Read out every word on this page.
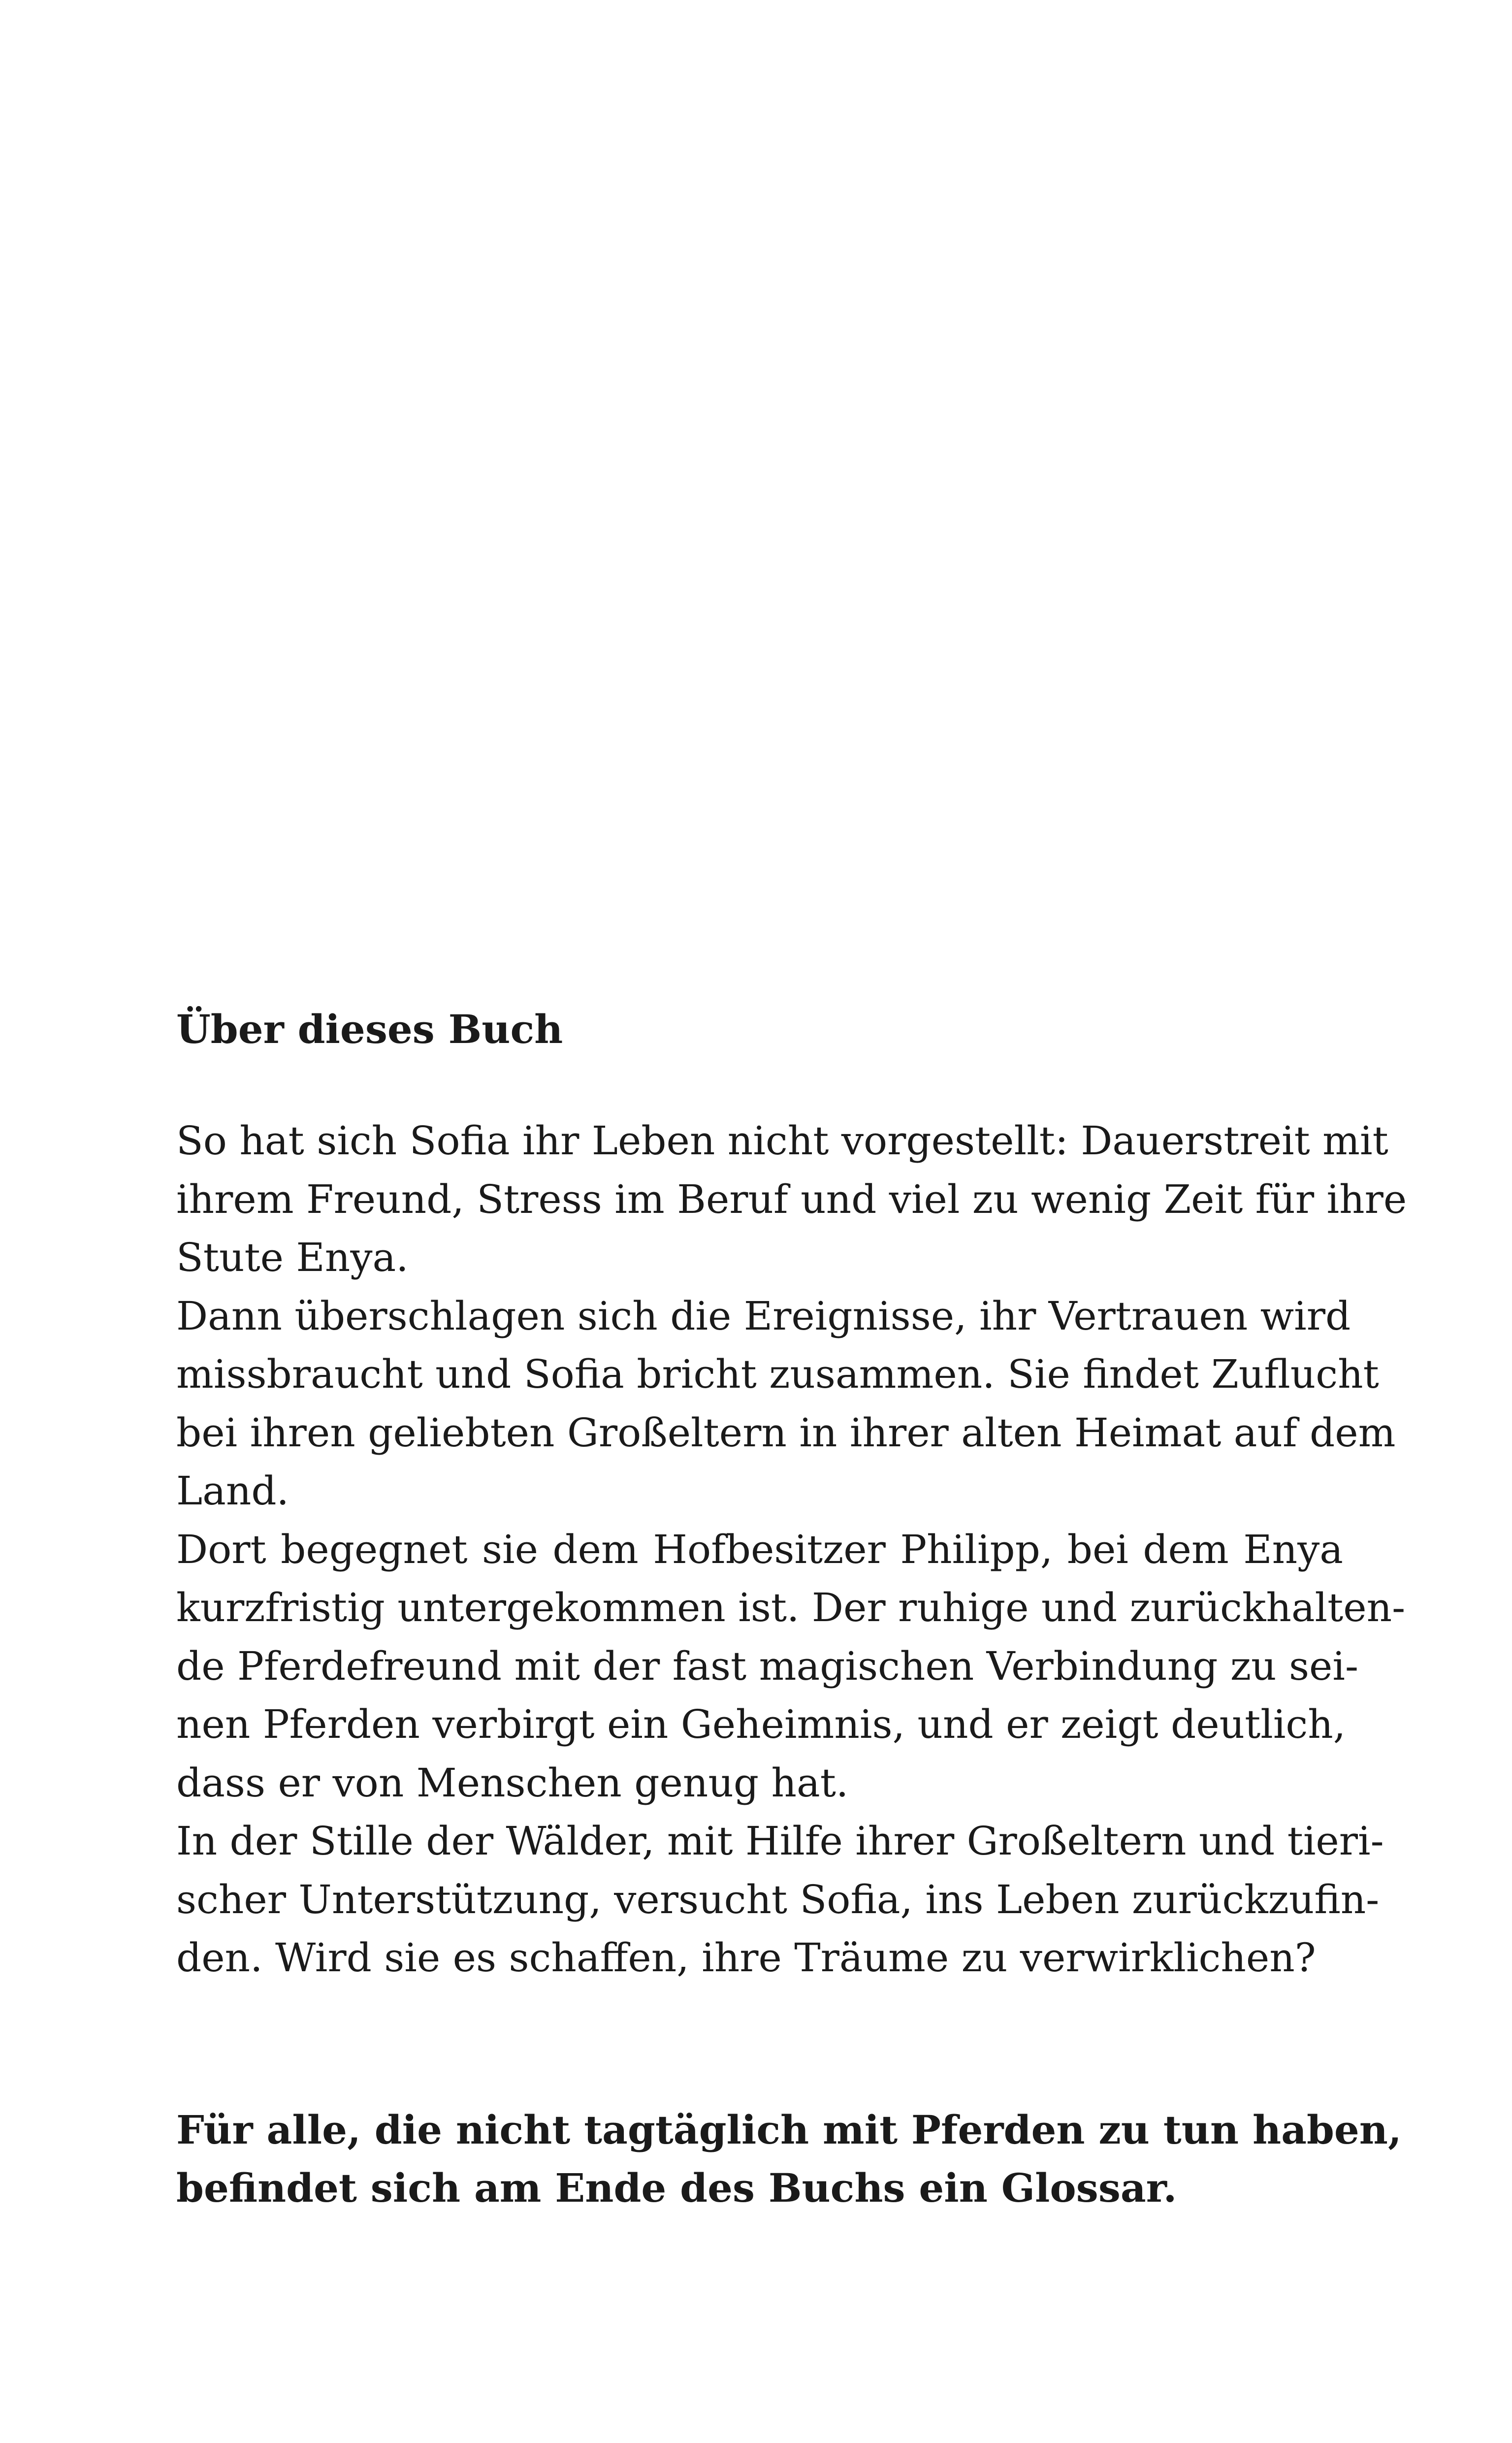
Über dieses Buch
So hat sich Sofia ihr Leben nicht vorgestellt: Dauerstreit mit
ihrem Freund, Stress im Beruf und viel zu wenig Zeit für ihre
Stute Enya.
Dann überschlagen sich die Ereignisse, ihr Vertrauen wird
missbraucht und Sofia bricht zusammen. Sie findet Zuflucht
bei ihren geliebten Großeltern in ihrer alten Heimat auf dem
Land.
Dort begegnet sie dem Hofbesitzer Philipp, bei dem Enya
kurzfristig untergekommen ist. Der ruhige und zurückhalten-
de Pferdefreund mit der fast magischen Verbindung zu sei-
nen Pferden verbirgt ein Geheimnis, und er zeigt deutlich,
dass er von Menschen genug hat.
In der Stille der Wälder, mit Hilfe ihrer Großeltern und tieri-
scher Unterstützung, versucht Sofia, ins Leben zurückzufin-
den. Wird sie es schaffen, ihre Träume zu verwirklichen?
Für alle, die nicht tagtäglich mit Pferden zu tun haben,
befindet sich am Ende des Buchs ein Glossar.
